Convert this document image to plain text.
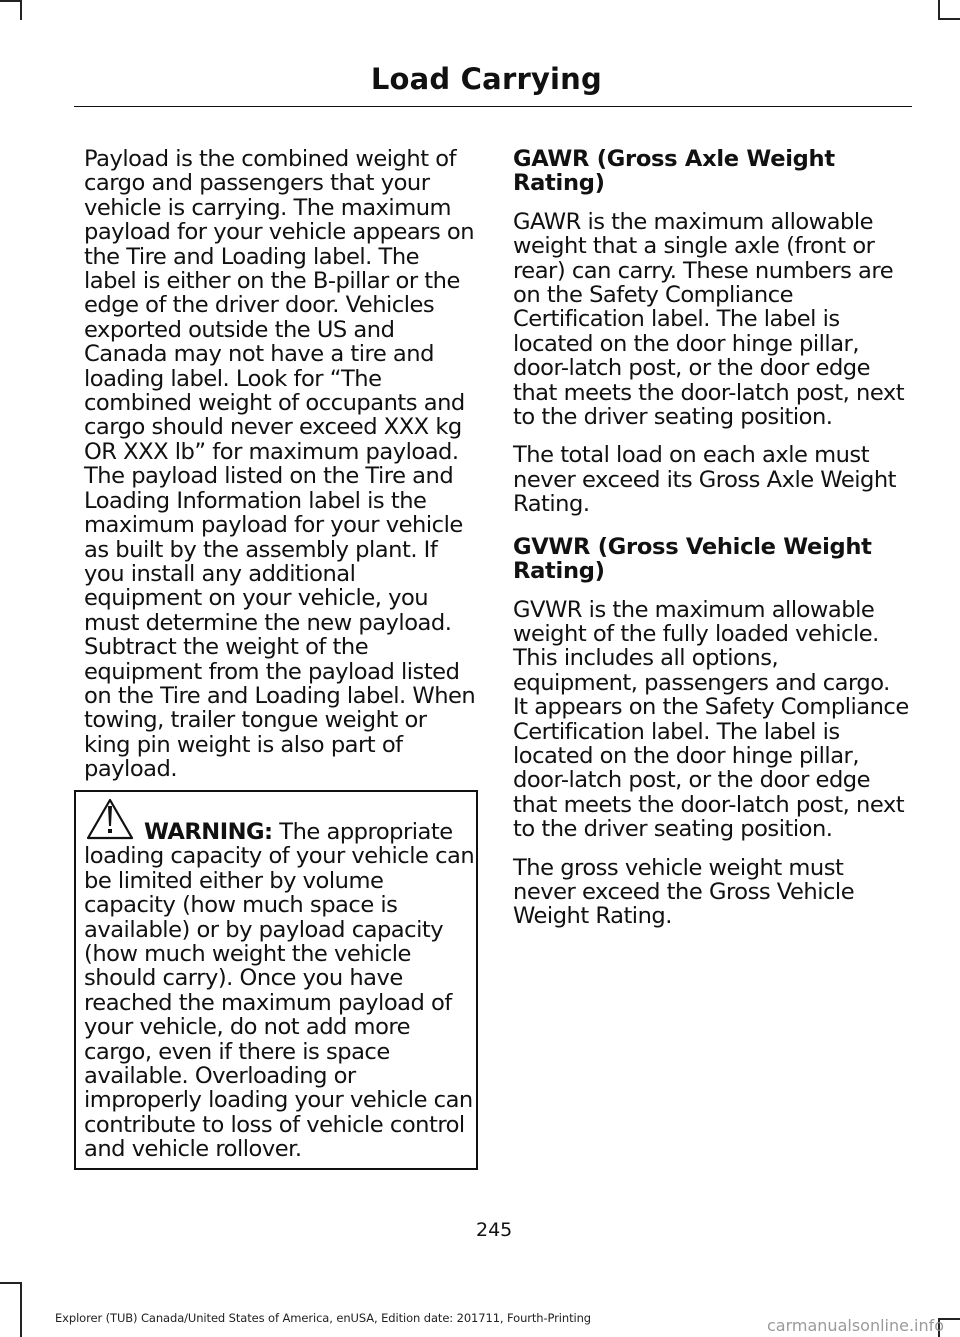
Load Carrying

Payload is the combined weight of cargo and passengers that your vehicle is carrying. The maximum payload for your vehicle appears on the Tire and Loading label. The label is either on the B-pillar or the edge of the driver door. Vehicles exported outside the US and Canada may not have a tire and loading label. Look for “The combined weight of occupants and cargo should never exceed XXX kg OR XXX lb” for maximum payload. The payload listed on the Tire and Loading Information label is the maximum payload for your vehicle as built by the assembly plant. If you install any additional equipment on your vehicle, you must determine the new payload. Subtract the weight of the equipment from the payload listed on the Tire and Loading label. When towing, trailer tongue weight or king pin weight is also part of payload.

WARNING: The appropriate loading capacity of your vehicle can be limited either by volume capacity (how much space is available) or by payload capacity (how much weight the vehicle should carry). Once you have reached the maximum payload of your vehicle, do not add more cargo, even if there is space available. Overloading or improperly loading your vehicle can contribute to loss of vehicle control and vehicle rollover.

GAWR (Gross Axle Weight Rating)

GAWR is the maximum allowable weight that a single axle (front or rear) can carry. These numbers are on the Safety Compliance Certification label. The label is located on the door hinge pillar, door-latch post, or the door edge that meets the door-latch post, next to the driver seating position.

The total load on each axle must never exceed its Gross Axle Weight Rating.

GVWR (Gross Vehicle Weight Rating)

GVWR is the maximum allowable weight of the fully loaded vehicle. This includes all options, equipment, passengers and cargo. It appears on the Safety Compliance Certification label. The label is located on the door hinge pillar, door-latch post, or the door edge that meets the door-latch post, next to the driver seating position.

The gross vehicle weight must never exceed the Gross Vehicle Weight Rating.

245
Explorer (TUB) Canada/United States of America, enUSA, Edition date: 201711, Fourth-Printing	carmanualsonline.info
